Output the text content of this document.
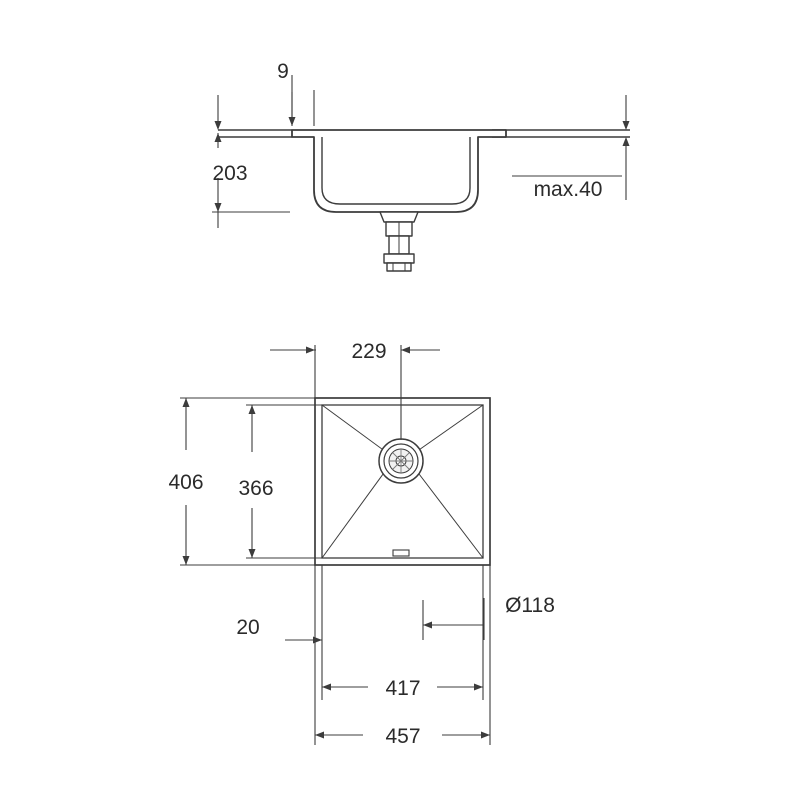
9
203
max.40
229
406 366
Ø118
20
417
457
